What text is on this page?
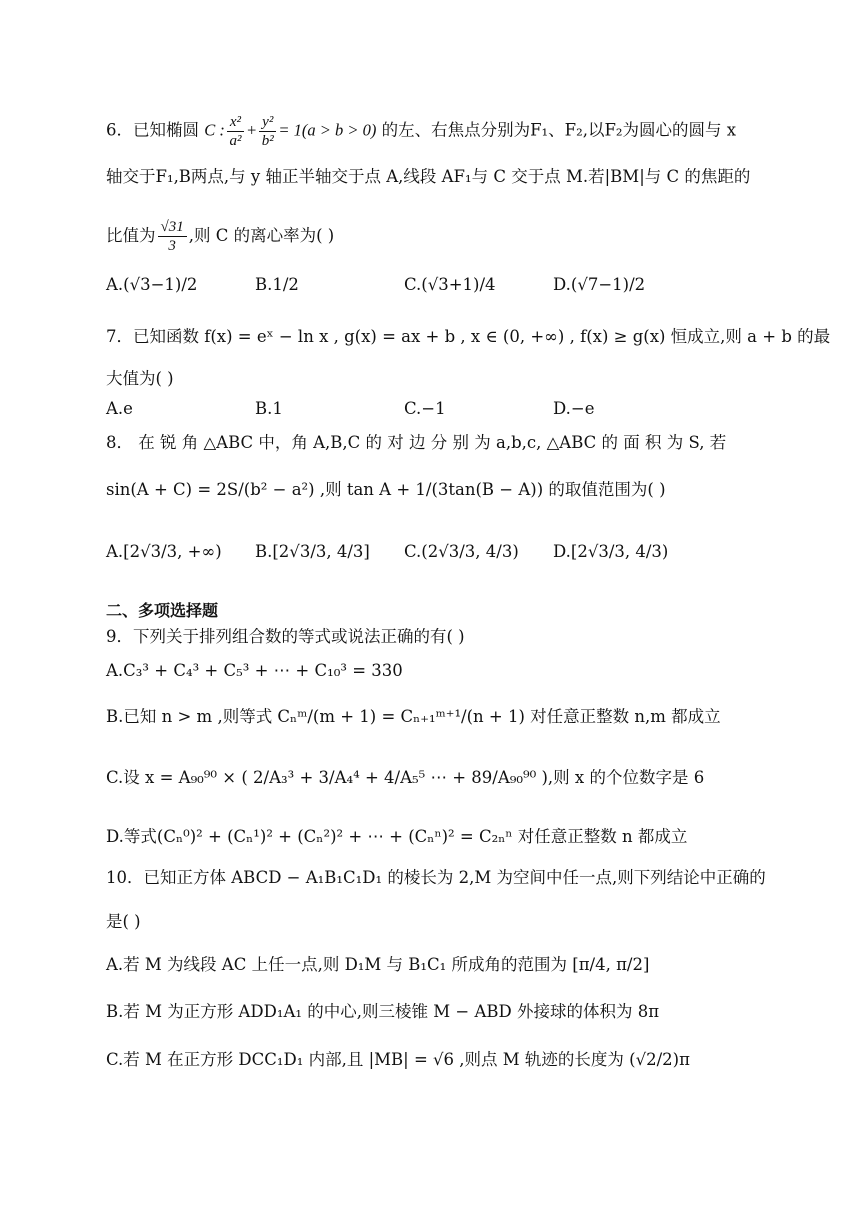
6．已知椭圆 C : $\frac{\text{x²}}{\text{a²}} + \frac{\text{y²}}{\text{b²}} = 1(a > b > 0)$ 的左、右焦点分别为F₁、F₂,以F₂为圆心的圆与 x
轴交于F₁,B两点,与 y 轴正半轴交于点 A,线段 AF₁与 C 交于点 M.若|BM|与 C 的焦距的
比值为 $\frac{√31}{3}$ ,则 C 的离心率为( )
A.(√3−1)/2	B.1/2	C.(√3+1)/4	D.(√7−1)/2
7．已知函数 f(x) = eˣ − ln x , g(x) = ax + b , x ∈ (0, +∞) , f(x) ≥ g(x) 恒成立,则 a + b 的最
大值为( )
A.e	B.1	C.−1	D.−e
8． 在 锐 角 △ABC 中，角 A,B,C 的 对 边 分 别 为 a,b,c, △ABC 的 面 积 为 S, 若
sin(A + C) = 2S/(b² − a²) ,则 tan A + 1/(3tan(B − A)) 的取值范围为( )
A.[2√3/3, +∞) B.[2√3/3, 4/3] C.(2√3/3, 4/3) D.[2√3/3, 4/3)
二、多项选择题
9．下列关于排列组合数的等式或说法正确的有( )
A.C₃³ + C₄³ + C₅³ + ⋯ + C₁₀³ = 330
B.已知 n > m ,则等式 Cₙᵐ/(m + 1) = Cₙ₊₁ᵐ⁺¹/(n + 1) 对任意正整数 n,m 都成立
C.设 x = A₉₀⁹⁰ × ( 2/A₃³ + 3/A₄⁴ + 4/A₅⁵ ⋯ + 89/A₉₀⁹⁰ ),则 x 的个位数字是 6
D.等式(Cₙ⁰)² + (Cₙ¹)² + (Cₙ²)² + ⋯ + (Cₙⁿ)² = C₂ₙⁿ 对任意正整数 n 都成立
10．已知正方体 ABCD − A₁B₁C₁D₁ 的棱长为 2,M 为空间中任一点,则下列结论中正确的
是( )
A.若 M 为线段 AC 上任一点,则 D₁M 与 B₁C₁ 所成角的范围为 [π/4, π/2]
B.若 M 为正方形 ADD₁A₁ 的中心,则三棱锥 M − ABD 外接球的体积为 8π
C.若 M 在正方形 DCC₁D₁ 内部,且 |MB| = √6 ,则点 M 轨迹的长度为 (√2/2)π
